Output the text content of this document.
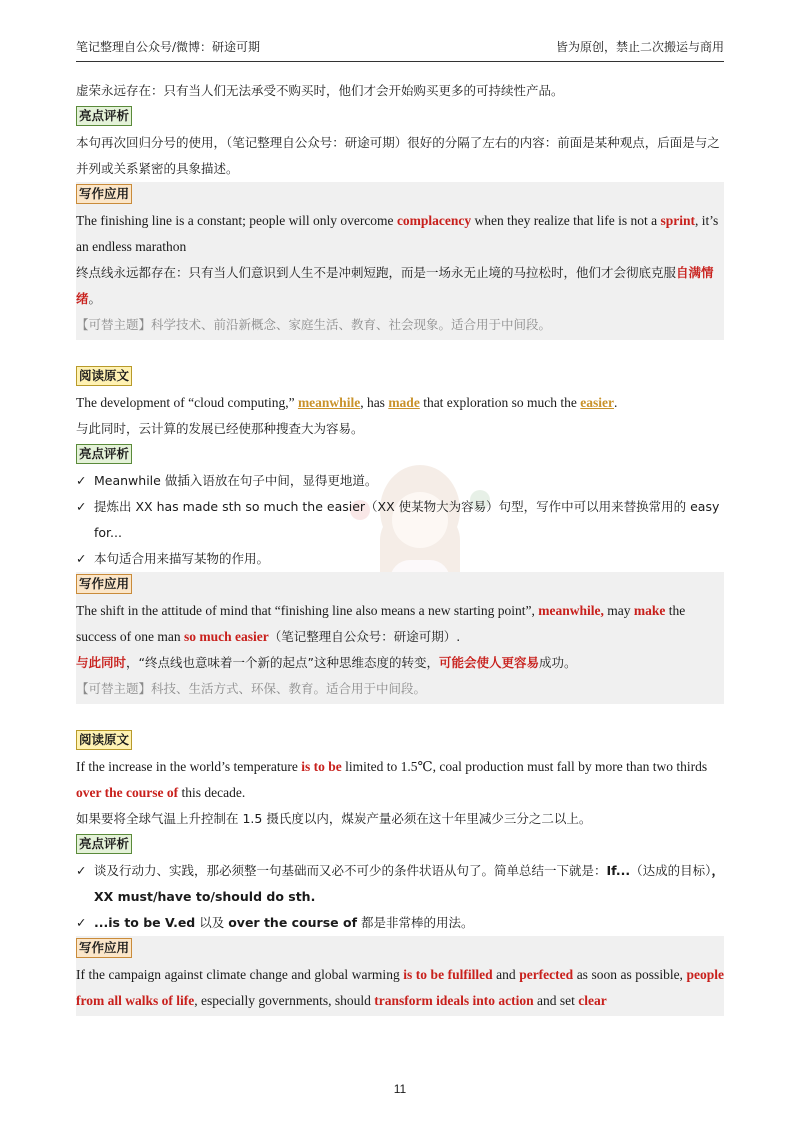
笔记整理自公众号/微博：研途可期	皆为原创，禁止二次搬运与商用

虚荣永远存在：只有当人们无法承受不购买时，他们才会开始购买更多的可持续性产品。

亮点评析

本句再次回归分号的使用，（笔记整理自公众号：研途可期）很好的分隔了左右的内容：前面是某种观点，后面是与之并列或关系紧密的具象描述。

写作应用

The finishing line is a constant; people will only overcome complacency when they realize that life is not a sprint, it’s an endless marathon

终点线永远都存在：只有当人们意识到人生不是冲刺短跑，而是一场永无止境的马拉松时，他们才会彻底克服自满情绪。

【可替主题】科学技术、前沿新概念、家庭生活、教育、社会现象。适合用于中间段。

阅读原文

The development of “cloud computing,” meanwhile, has made that exploration so much the easier.

与此同时，云计算的发展已经使那种搜查大为容易。

亮点评析
✓ Meanwhile 做插入语放在句子中间，显得更地道。
✓ 提炼出 XX has made sth so much the easier（XX 使某物大为容易）句型，写作中可以用来替换常用的 easy for...
✓ 本句适合用来描写某物的作用。
写作应用

The shift in the attitude of mind that “finishing line also means a new starting point”, meanwhile, may make the success of one man so much easier（笔记整理自公众号：研途可期）.

与此同时，“终点线也意味着一个新的起点”这种思维态度的转变，可能会使人更容易成功。

【可替主题】科技、生活方式、环保、教育。适合用于中间段。

阅读原文

If the increase in the world’s temperature is to be limited to 1.5℃, coal production must fall by more than two thirds over the course of this decade.

如果要将全球气温上升控制在 1.5 摄氏度以内，煤炭产量必须在这十年里减少三分之二以上。

亮点评析
✓ 谈及行动力、实践，那必须整一句基础而又必不可少的条件状语从句了。简单总结一下就是：If...（达成的目标），XX must/have to/should do sth.
✓ ...is to be V.ed 以及 over the course of 都是非常棒的用法。
写作应用

If the campaign against climate change and global warming is to be fulfilled and perfected as soon as possible, people from all walks of life, especially governments, should transform ideals into action and set clear

11
